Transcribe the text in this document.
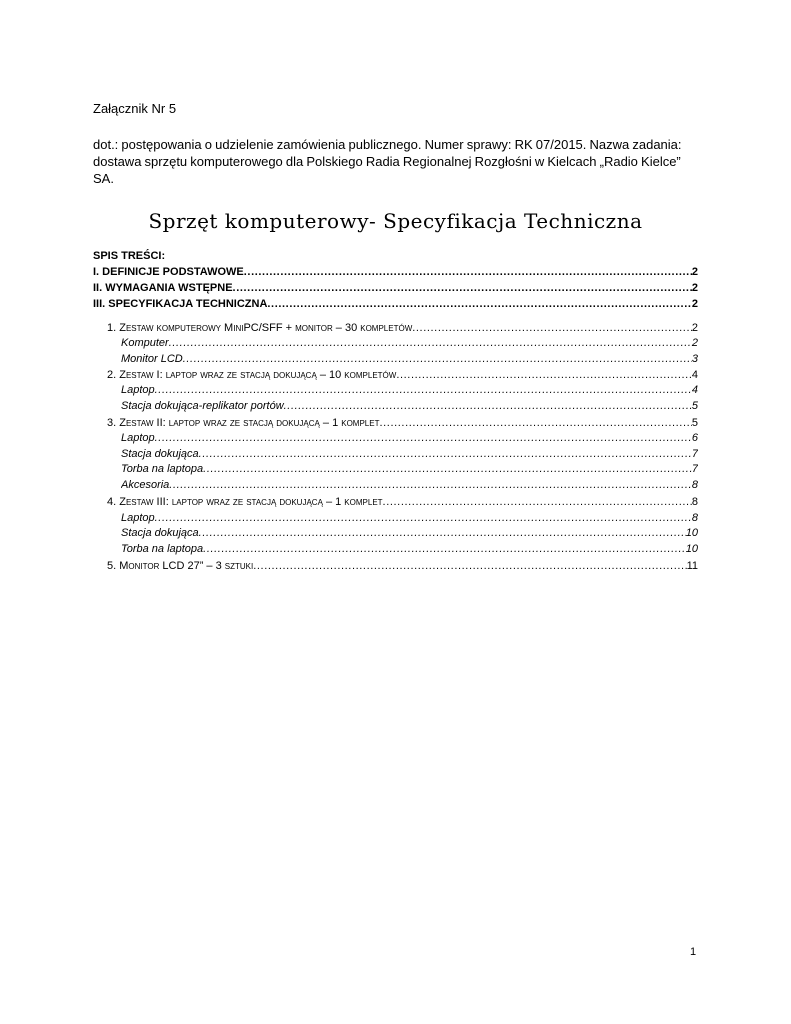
Załącznik Nr 5
dot.: postępowania o udzielenie zamówienia publicznego. Numer sprawy: RK 07/2015. Nazwa zadania: dostawa sprzętu komputerowego dla Polskiego Radia Regionalnej Rozgłośni w Kielcach „Radio Kielce” SA.
Sprzęt komputerowy- Specyfikacja Techniczna
SPIS TREŚCI:
I. DEFINICJE PODSTAWOWE .....	2
II. WYMAGANIA WSTĘPNE .....	2
III. SPECYFIKACJA TECHNICZNA .....	2
1. Zestaw komputerowy MiniPC/SFF + monitor – 30 kompletów .....	2
Komputer .....	2
Monitor LCD .....	3
2. Zestaw I: laptop wraz ze stacją dokującą – 10 kompletów .....	4
Laptop .....	4
Stacja dokująca-replikator portów .....	5
3. Zestaw II: laptop wraz ze stacją dokującą – 1 komplet .....	5
Laptop .....	6
Stacja dokująca .....	7
Torba na laptopa .....	7
Akcesoria .....	8
4. Zestaw III: laptop wraz ze stacją dokującą – 1 komplet .....	8
Laptop .....	8
Stacja dokująca .....	10
Torba na laptopa .....	10
5. Monitor LCD 27” – 3 sztuki .....	11
1
